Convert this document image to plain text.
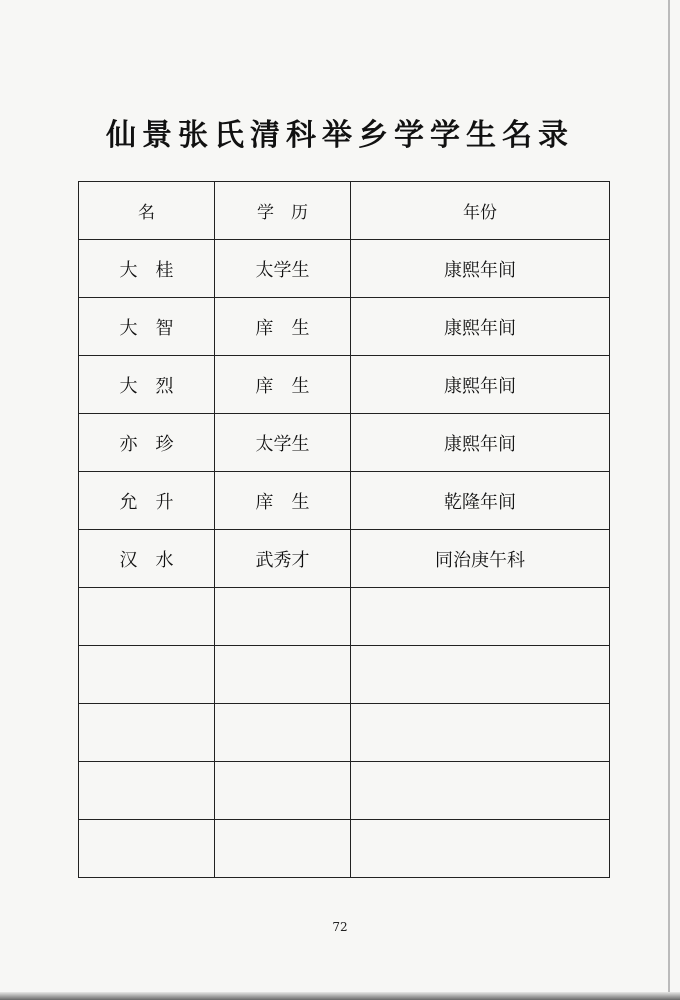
仙景张氏清科举乡学学生名录
名	学　历	年份
大　桂	太学生	康熙年间
大　智	庠　生	康熙年间
大　烈	庠　生	康熙年间
亦　珍	太学生	康熙年间
允　升	庠　生	乾隆年间
汉　水	武秀才	同治庚午科

72
